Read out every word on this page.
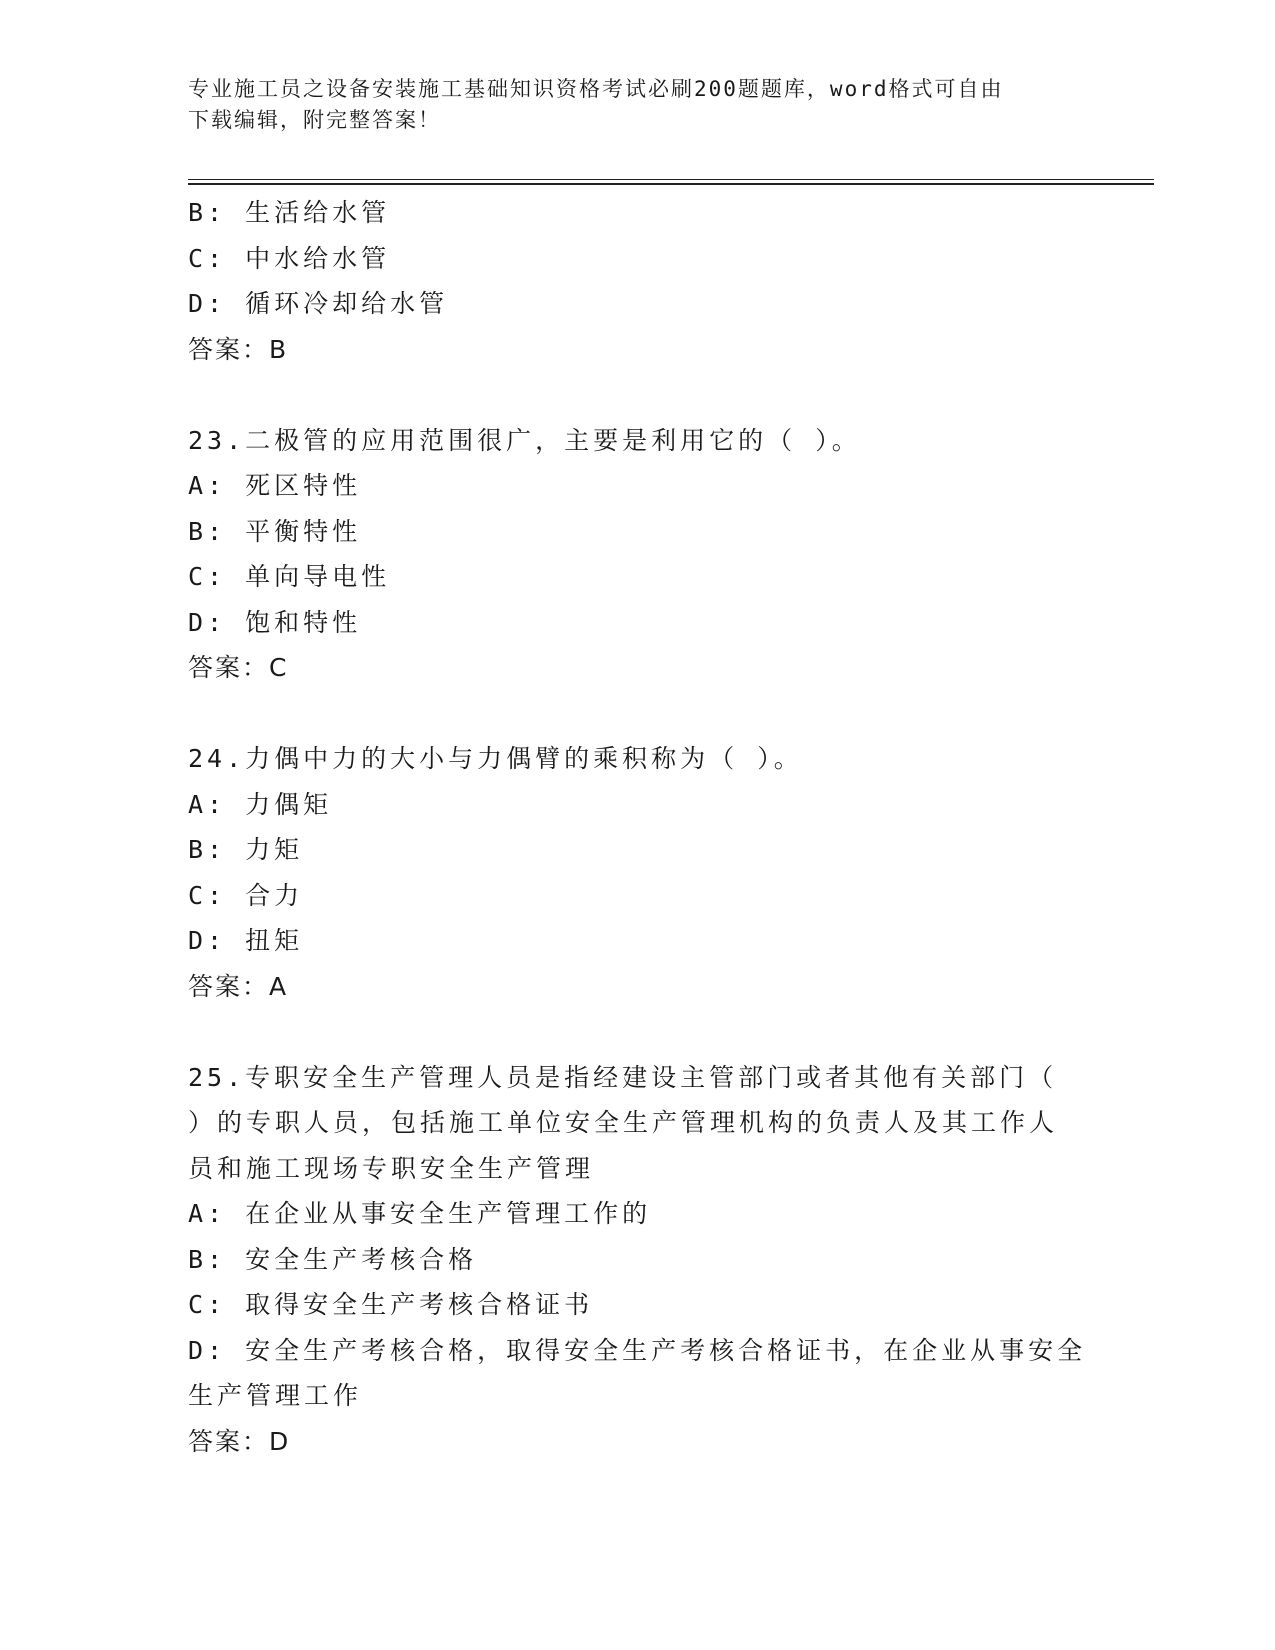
专业施工员之设备安装施工基础知识资格考试必刷200题题库，word格式可自由
下载编辑，附完整答案！
B: 生活给水管
C: 中水给水管
D: 循环冷却给水管
答案：B
23.二极管的应用范围很广，主要是利用它的（ ）。
A: 死区特性
B: 平衡特性
C: 单向导电性
D: 饱和特性
答案：C
24.力偶中力的大小与力偶臂的乘积称为（ ）。
A: 力偶矩
B: 力矩
C: 合力
D: 扭矩
答案：A
25.专职安全生产管理人员是指经建设主管部门或者其他有关部门（
）的专职人员，包括施工单位安全生产管理机构的负责人及其工作人
员和施工现场专职安全生产管理
A: 在企业从事安全生产管理工作的
B: 安全生产考核合格
C: 取得安全生产考核合格证书
D: 安全生产考核合格，取得安全生产考核合格证书，在企业从事安全
生产管理工作
答案：D
